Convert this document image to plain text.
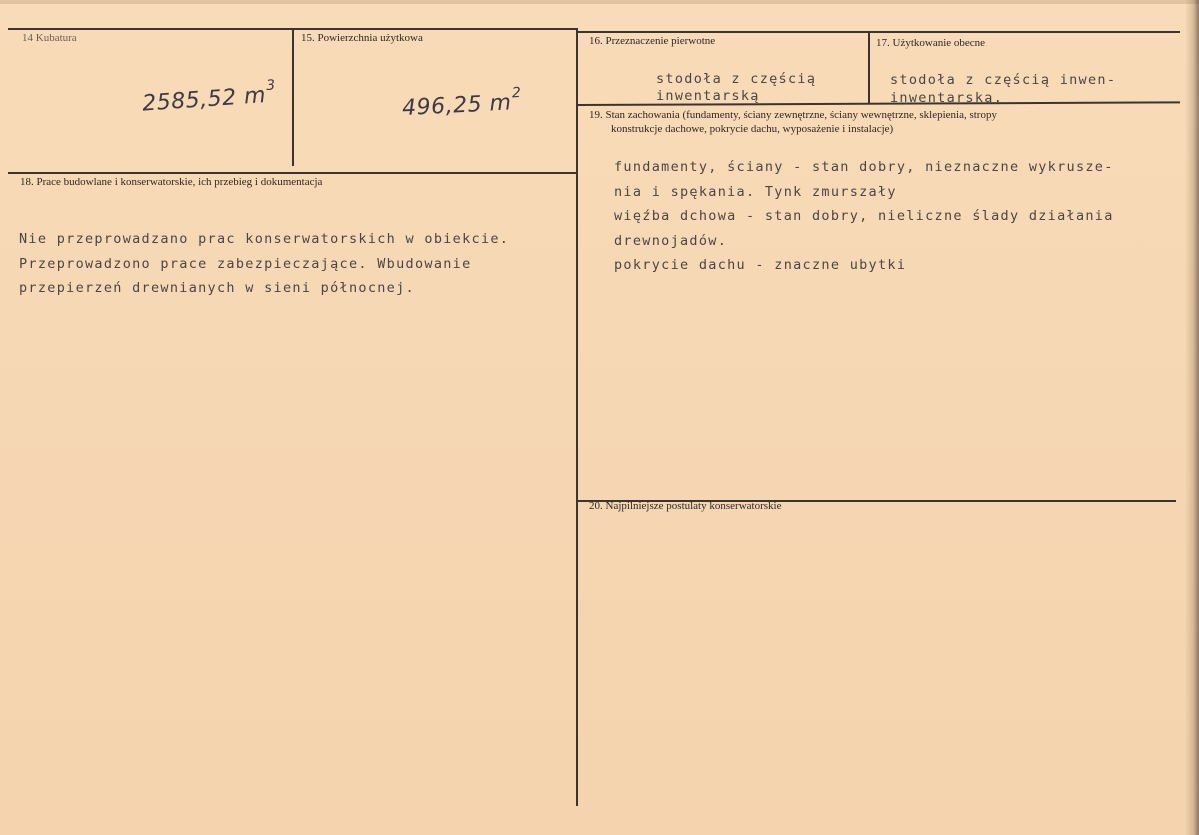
14 Kubatura
2585,52 $m^3$
15. Powierzchnia użytkowa
496,25 $m^2$
16. Przeznaczenie pierwotne
stodoła z częścią
inwentarską
17. Użytkowanie obecne
stodoła z częścią inwen-
inwentarską.
19. Stan zachowania (fundamenty, ściany zewnętrzne, ściany wewnętrzne, sklepienia, stropy
konstrukcje dachowe, pokrycie dachu, wyposażenie i instalacje)
fundamenty, ściany - stan dobry, nieznaczne wykrusze-
nia i spękania. Tynk zmurszały
więźba dchowa - stan dobry, nieliczne ślady działania
drewnojadów.
pokrycie dachu - znaczne ubytki
18. Prace budowlane i konserwatorskie, ich przebieg i dokumentacja
Nie przeprowadzano prac konserwatorskich w obiekcie.
Przeprowadzono prace zabezpieczające. Wbudowanie
przepierzeń drewnianych w sieni północnej.
20. Najpilniejsze postulaty konserwatorskie
